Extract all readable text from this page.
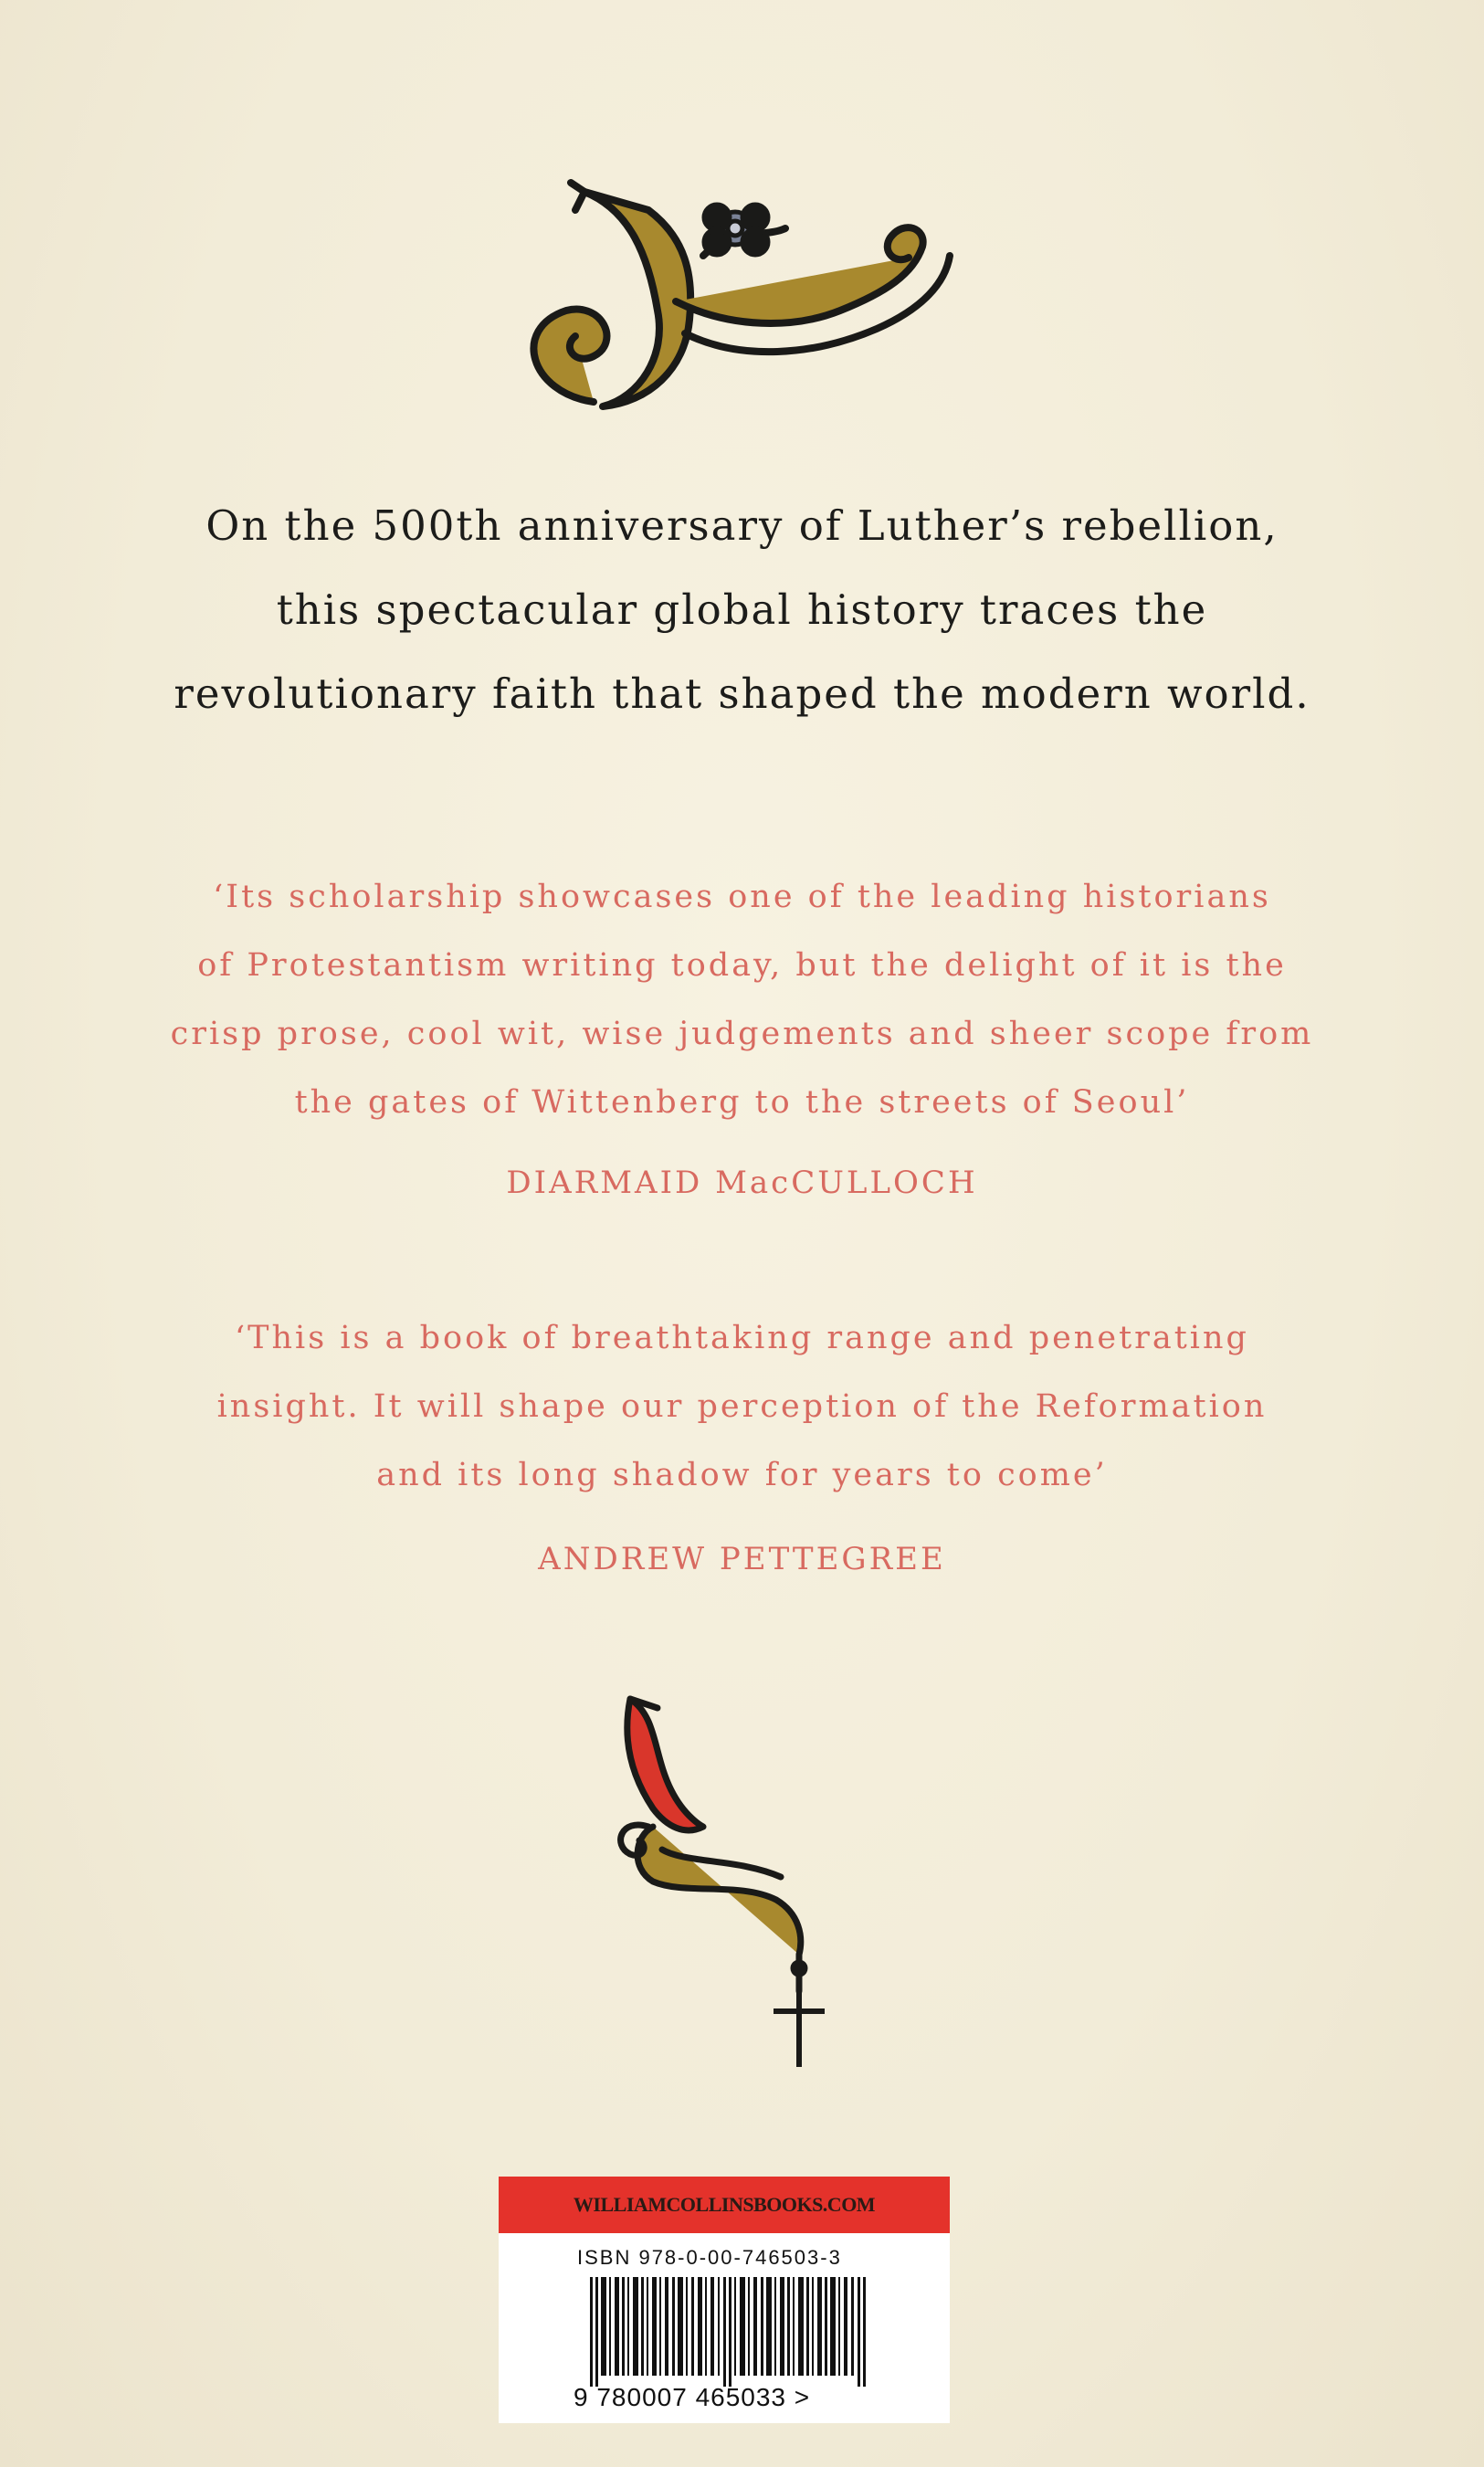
On the 500th anniversary of Luther’s rebellion,
this spectacular global history traces the
revolutionary faith that shaped the modern world.
‘Its scholarship showcases one of the leading historians
of Protestantism writing today, but the delight of it is the
crisp prose, cool wit, wise judgements and sheer scope from
the gates of Wittenberg to the streets of Seoul’
DIARMAID MacCULLOCH
‘This is a book of breathtaking range and penetrating
insight. It will shape our perception of the Reformation
and its long shadow for years to come’
ANDREW PETTEGREE
WILLIAMCOLLINSBOOKS.COM
ISBN 978-0-00-746503-3
9 780007 465033 >
